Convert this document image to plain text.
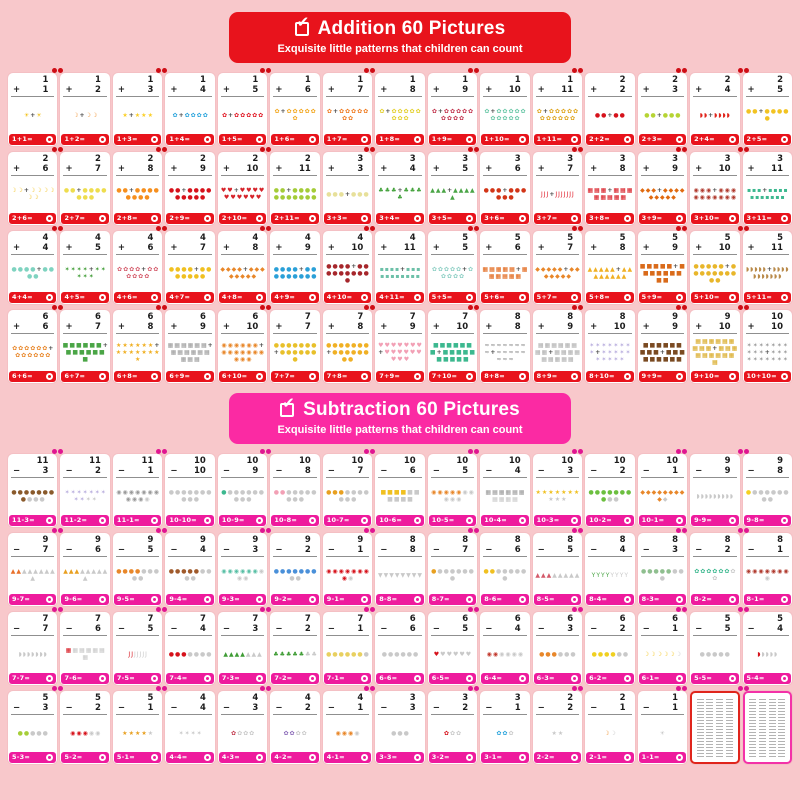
✔ Addition 60 Pictures
Exquisite little patterns that children can count
1
+	1
☀ + ☀
1+1=
1
+	2
☽ + ☽ ☽
1+2=
1
+	3
★ + ★ ★ ★
1+3=
1
+	4
✿ + ✿ ✿ ✿ ✿
1+4=
1
+	5
✿ + ✿ ✿ ✿ ✿ ✿
1+5=
1
+	6
✿ + ✿ ✿ ✿ ✿ ✿
✿
1+6=
1
+	7
✿ + ✿ ✿ ✿ ✿ ✿
✿ ✿
1+7=
1
+	8
✿ + ✿ ✿ ✿ ✿ ✿
✿ ✿ ✿
1+8=
1
+	9
✿ + ✿ ✿ ✿ ✿ ✿
✿ ✿ ✿ ✿
1+9=
1
+ 10
✿ + ✿ ✿ ✿ ✿ ✿
✿ ✿ ✿ ✿ ✿
1+10=
1
+ 11
✿ + ✿ ✿ ✿ ✿ ✿
✿ ✿ ✿ ✿ ✿ ✿
1+11=
2
+	2
● ● + ● ●
2+2=
2
+	3
● ● + ● ● ●
2+3=
2
+	4
◗ ◗ + ◗ ◗ ◗ ◗
2+4=
2
+	5
● ● + ● ● ● ●
●
2+5=
2
+	6
☽ ☽ + ☽ ☽ ☽ ☽
☽ ☽
2+6=
2
+	7
● ● + ● ● ● ●
● ● ●
2+7=
2
+	8
● ● + ● ● ● ●
● ● ● ●
2+8=
2
+	9
● ● + ● ● ● ●
● ● ● ● ●
2+9=
2
+ 10
♥ ♥ + ♥ ♥ ♥ ♥
♥ ♥ ♥ ♥ ♥ ♥
2+10=
2
+ 11
● ● + ● ● ● ●
● ● ● ● ● ● ●
2+11=
3
+	3
● ● ● + ● ● ●
3+3=
3
+	4
♣ ♣ ♣ + ♣ ♣ ♣
♣
3+4=
3
+	5
▲ ▲ ▲ + ▲ ▲ ▲ ▲
▲
3+5=
3
+	6
● ● ● + ● ● ●
● ● ●
3+6=
3
+	7
J J J + J J J J J J J
3+7=
3
+	8
▦ ▦ ▦ + ▦ ▦ ▦
▦ ▦ ▦ ▦ ▦
3+8=
3
+	9
◆ ◆ ◆ + ◆ ◆ ◆ ◆
◆ ◆ ◆ ◆ ◆
3+9=
3
+ 10
◉ ◉ ◉ + ◉ ◉ ◉
◉ ◉ ◉ ◉ ◉ ◉ ◉
3+10=
3
+ 11
▪ ▪ ▪ + ▪ ▪ ▪ ▪
▪ ▪ ▪ ▪ ▪ ▪ ▪
3+11=
4
+	4
● ● ● ● + ● ●
● ●
4+4=
4
+	5
✶ ✶ ✶ ✶ + ✶ ✶
✶ ✶ ✶
4+5=
4
+	6
✿ ✿ ✿ ✿ + ✿ ✿
✿ ✿ ✿ ✿
4+6=
4
+	7
● ● ● ● + ● ●
● ● ● ● ●
4+7=
4
+	8
◆ ◆ ◆ ◆ + ◆ ◆ ◆
◆ ◆ ◆ ◆ ◆
4+8=
4
+	9
● ● ● ● + ● ●
● ● ● ● ● ● ●
4+9=
4
+ 10
● ● ● ● + ● ●
● ● ● ● ● ● ●
●
4+10=
4
+ 11
▪ ▪ ▪ ▪ + ▪ ▪ ▪
▪ ▪ ▪ ▪ ▪ ▪ ▪ ▪
4+11=
5
+	5
✿ ✿ ✿ ✿ ✿ + ✿
✿ ✿ ✿ ✿
5+5=
5
+	6
▦ ▦ ▦ ▦ ▦ + ▦
▦ ▦ ▦ ▦ ▦
5+6=
5
+	7
◆ ◆ ◆ ◆ ◆ + ◆ ◆
◆ ◆ ◆ ◆ ◆
5+7=
5
+	8
▲ ▲ ▲ ▲ ▲ + ▲ ▲
▲ ▲ ▲ ▲ ▲ ▲
5+8=
5
+	9
■ ■ ■ ■ ■ + ■
■ ■ ■ ■ ■ ■
■ ■
5+9=
5
+ 10
● ● ● ● ● + ●
● ● ● ● ● ● ●
● ●
5+10=
5
+ 11
◗ ◗ ◗ ◗ ◗ + ◗ ◗ ◗ ◗
◗ ◗ ◗ ◗ ◗ ◗ ◗
5+11=
6
+	6
✿ ✿ ✿ ✿ ✿ ✿ +
✿ ✿ ✿ ✿ ✿ ✿
6+6=
6
+	7
■ ■ ■ ■ ■ ■ +
■ ■ ■ ■ ■ ■
■
6+7=
6
+	8
★ ★ ★ ★ ★ ★ +
★ ★ ★ ★ ★ ★ ★
★
6+8=
6
+	9
▦ ▦ ▦ ▦ ▦ ▦ +
▦ ▦ ▦ ▦ ▦ ▦
▦ ▦ ▦
6+9=
6
+ 10
◉ ◉ ◉ ◉ ◉ ◉ +
◉ ◉ ◉ ◉ ◉ ◉ ◉
◉ ◉ ◉
6+10=
7
+	7
● ● ● ● ● ● ●
+ ● ● ● ● ● ●
●
7+7=
7
+	8
● ● ● ● ● ● ●
+ ● ● ● ● ● ●
● ●
7+8=
7
+	9
♥ ♥ ♥ ♥ ♥ ♥ ♥
+ ♥ ♥ ♥ ♥ ♥ ♥
♥ ♥ ♥
7+9=
7
+ 10
■ ■ ■ ■ ■ ■
■ + ■ ■ ■ ■ ■
■ ■ ■ ■ ■
7+10=
8
+	8
≈ ≈ ≈ ≈ ≈ ≈ ≈
≈ + ≈ ≈ ≈ ≈ ≈
≈ ≈ ≈
8+8=
8
+	9
▦ ▦ ▦ ▦ ▦ ▦
▦ ▦ + ▦ ▦ ▦ ▦
▦ ▦ ▦ ▦ ▦
8+9=
8
+ 10
✶ ✶ ✶ ✶ ✶ ✶ ✶
✶ + ✶ ✶ ✶ ✶ ✶
✶ ✶ ✶ ✶ ✶
8+10=
9
+	9
■ ■ ■ ■ ■ ■
■ ■ ■ + ■ ■ ■
■ ■ ■ ■ ■ ■
9+9=
9
+ 10
▦ ▦ ▦ ▦ ▦ ▦
▦ ▦ ▦ + ▦ ▦ ▦
▦ ▦ ▦ ▦ ▦ ▦
▦
9+10=
10
+ 10
✶ ✶ ✶ ✶ ✶ ✶ ✶
✶ ✶ ✶ + ✶ ✶ ✶
✶ ✶ ✶ ✶ ✶ ✶ ✶
10+10=
✔ Subtraction 60 Pictures
Exquisite little patterns that children can count
11
−	3
● ● ● ● ● ● ●
● ● ● ●
11-3=
11
−	2
✶ ✶ ✶ ✶ ✶ ✶ ✶
✶ ✶ ✶ ✶
11-2=
11
−	1
◉ ◉ ◉ ◉ ◉ ◉ ◉
◉ ◉ ◉ ◉
11-1=
10
− 10
● ● ● ● ● ● ●
● ● ●
10-10=
10
−	9
● ● ● ● ● ● ●
● ● ●
10-9=
10
−	8
● ● ● ● ● ● ●
● ● ●
10-8=
10
−	7
● ● ● ● ● ● ●
● ● ●
10-7=
10
−	6
■ ■ ■ ■ ■ ■
■ ■ ■ ■
10-6=
10
−	5
◉ ◉ ◉ ◉ ◉ ◉ ◉
◉ ◉ ◉
10-5=
10
−	4
▦ ▦ ▦ ▦ ▦ ▦
▦ ▦ ▦ ▦
10-4=
10
−	3
★ ★ ★ ★ ★ ★ ★
★ ★ ★
10-3=
10
−	2
● ● ● ● ● ● ●
● ● ●
10-2=
10
−	1
◆ ◆ ◆ ◆ ◆ ◆ ◆ ◆
◆ ◆
10-1=
9
−	9
◗ ◗ ◗ ◗ ◗ ◗ ◗ ◗ ◗
9-9=
9
−	8
● ● ● ● ● ● ●
● ●
9-8=
9
−	7
▲ ▲ ▲ ▲ ▲ ▲ ▲ ▲
▲
9-7=
9
−	6
▲ ▲ ▲ ▲ ▲ ▲ ▲ ▲
▲
9-6=
9
−	5
● ● ● ● ● ● ●
● ●
9-5=
9
−	4
● ● ● ● ● ● ●
● ●
9-4=
9
−	3
◉ ◉ ◉ ◉ ◉ ◉ ◉
◉ ◉
9-3=
9
−	2
● ● ● ● ● ● ●
● ●
9-2=
9
−	1
◉ ◉ ◉ ◉ ◉ ◉ ◉
◉ ◉
9-1=
8
−	8
▼ ▼ ▼ ▼ ▼ ▼ ▼ ▼
8-8=
8
−	7
● ● ● ● ● ● ●
●
8-7=
8
−	6
● ● ● ● ● ● ●
●
8-6=
8
−	5
▲ ▲ ▲ ▲ ▲ ▲ ▲ ▲
8-5=
8
−	4
Y Y Y Y Y Y Y Y
8-4=
8
−	3
● ● ● ● ● ● ●
●
8-3=
8
−	2
✿ ✿ ✿ ✿ ✿ ✿ ✿
✿
8-2=
8
−	1
◉ ◉ ◉ ◉ ◉ ◉ ◉
◉
8-1=
7
−	7
◗ ◗ ◗ ◗ ◗ ◗ ◗
7-7=
7
−	6
▦ ▦ ▦ ▦ ▦ ▦
▦
7-6=
7
−	5
J J J J J J J
7-5=
7
−	4
● ● ● ● ● ● ●
7-4=
7
−	3
▲ ▲ ▲ ▲ ▲ ▲ ▲
7-3=
7
−	2
♣ ♣ ♣ ♣ ♣ ♣ ♣
7-2=
7
−	1
● ● ● ● ● ● ●
7-1=
6
−	6
● ● ● ● ● ●
6-6=
6
−	5
♥ ♥ ♥ ♥ ♥ ♥
6-5=
6
−	4
◉ ◉ ◉ ◉ ◉ ◉
6-4=
6
−	3
● ● ● ● ● ●
6-3=
6
−	2
● ● ● ● ● ●
6-2=
6
−	1
☽ ☽ ☽ ☽ ☽ ☽
6-1=
5
−	5
● ● ● ● ●
5-5=
5
−	4
◗ ◗ ◗ ◗ ◗
5-4=
5
−	3
● ● ● ● ●
5-3=
5
−	2
◉ ◉ ◉ ◉ ◉
5-2=
5
−	1
★ ★ ★ ★ ★
5-1=
4
−	4
✶ ✶ ✶ ✶
4-4=
4
−	3
✿ ✿ ✿ ✿
4-3=
4
−	2
✿ ✿ ✿ ✿
4-2=
4
−	1
◉ ◉ ◉ ◉
4-1=
3
−	3
● ● ●
3-3=
3
−	2
✿ ✿ ✿
3-2=
3
−	1
✿ ✿ ✿
3-1=
2
−	2
★ ★
2-2=
2
−	1
☽ ☽
2-1=
1
−	1
☀
1-1=
